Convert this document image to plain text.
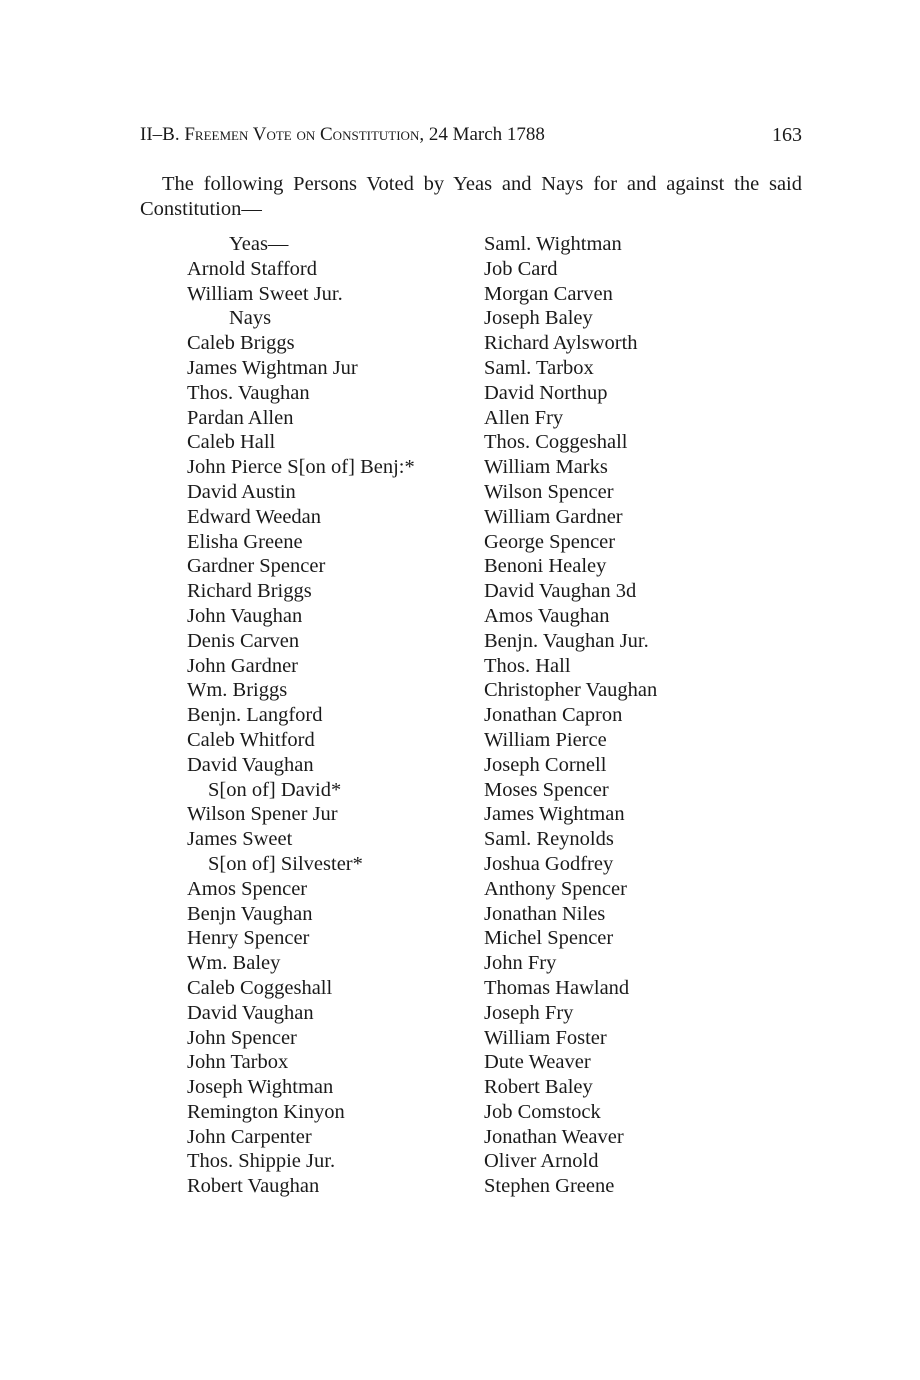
II–B. Freemen Vote on Constitution, 24 March 1788	163

The following Persons Voted by Yeas and Nays for and against the said Constitution—

Yeas—
Arnold Stafford
William Sweet Jur.
Nays
Caleb Briggs
James Wightman Jur
Thos. Vaughan
Pardan Allen
Caleb Hall
John Pierce S[on of] Benj:*
David Austin
Edward Weedan
Elisha Greene
Gardner Spencer
Richard Briggs
John Vaughan
Denis Carven
John Gardner
Wm. Briggs
Benjn. Langford
Caleb Whitford
David Vaughan
S[on of] David*
Wilson Spener Jur
James Sweet
S[on of] Silvester*
Amos Spencer
Benjn Vaughan
Henry Spencer
Wm. Baley
Caleb Coggeshall
David Vaughan
John Spencer
John Tarbox
Joseph Wightman
Remington Kinyon
John Carpenter
Thos. Shippie Jur.
Robert Vaughan
Saml. Wightman
Job Card
Morgan Carven
Joseph Baley
Richard Aylsworth
Saml. Tarbox
David Northup
Allen Fry
Thos. Coggeshall
William Marks
Wilson Spencer
William Gardner
George Spencer
Benoni Healey
David Vaughan 3d
Amos Vaughan
Benjn. Vaughan Jur.
Thos. Hall
Christopher Vaughan
Jonathan Capron
William Pierce
Joseph Cornell
Moses Spencer
James Wightman
Saml. Reynolds
Joshua Godfrey
Anthony Spencer
Jonathan Niles
Michel Spencer
John Fry
Thomas Hawland
Joseph Fry
William Foster
Dute Weaver
Robert Baley
Job Comstock
Jonathan Weaver
Oliver Arnold
Stephen Greene
